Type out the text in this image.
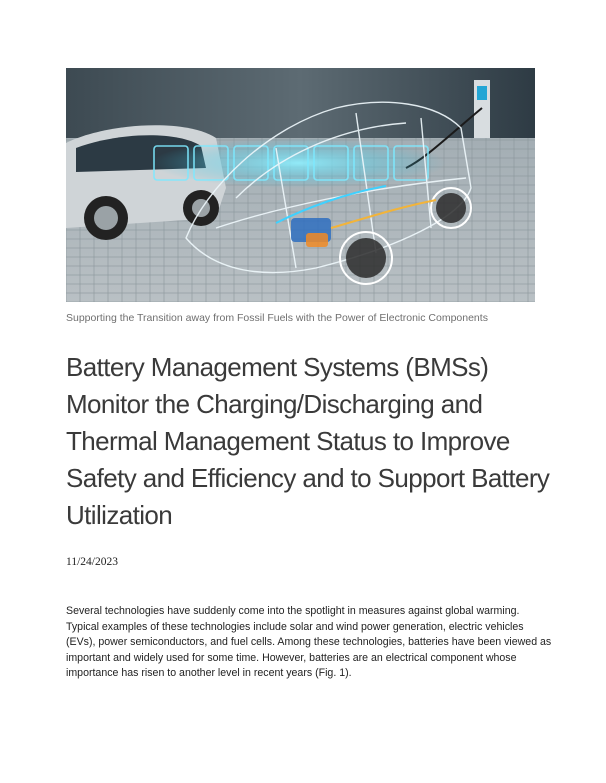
Supporting the Transition away from Fossil Fuels with the Power of Electronic Components
Battery Management Systems (BMSs) Monitor the Charging/Discharging and Thermal Management Status to Improve Safety and Efficiency and to Support Battery Utilization
11/24/2023

Several technologies have suddenly come into the spotlight in measures against global warming. Typical examples of these technologies include solar and wind power generation, electric vehicles (EVs), power semiconductors, and fuel cells. Among these technologies, batteries have been viewed as important and widely used for some time. However, batteries are an electrical component whose importance has risen to another level in recent years (Fig. 1).
